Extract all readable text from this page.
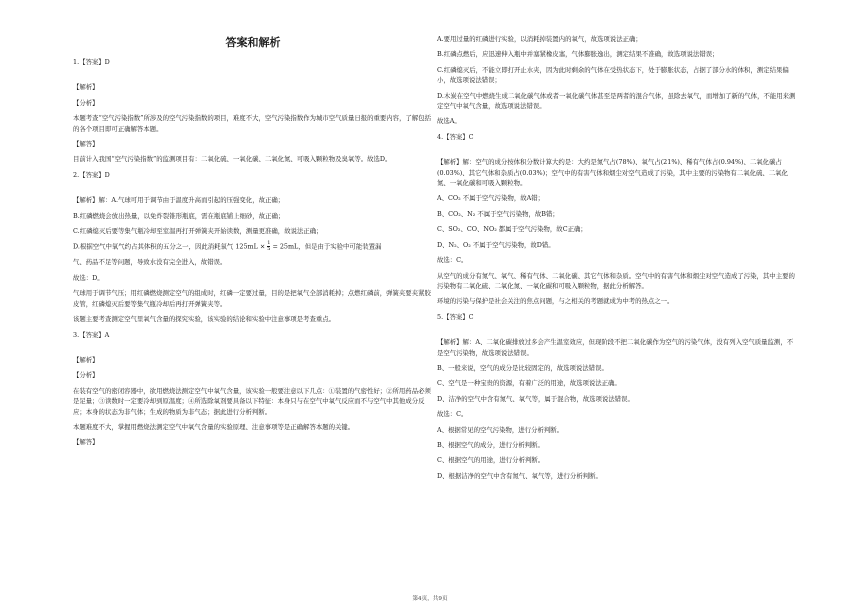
答案和解析
1.【答案】D
【解析】
【分析】
本题考查“空气污染指数”所涉及的空气污染指数的项目，难度不大，空气污染指数作为城市空气质量日报的重要内容，了解包括的各个项目即可正确解答本题。
【解答】
目前计入我国“空气污染指数”的监测项目有：二氧化硫、一氧化碳、二氧化氮、可吸入颗粒物及臭氧等。故选D。
2.【答案】D
【解析】解：A.气球可用于调节由于温度升高而引起的压强变化，故正确；
B.红磷燃烧会放出热量，以免炸裂锥形瓶底，需在瓶底铺上细砂，故正确；
C.红磷熄灭后要等集气瓶冷却至室温再打开弹簧夹开始读数，测量更准确，故说法正确；
D.根据空气中氧气约占其体积的五分之一，因此消耗氧气 $125mL \times \frac{1}{5} = 25mL$，但是由于实验中可能装置漏
气、药品不足等问题，导致水没有完全进入，故错误。
故选：D。
气球用于调节气压；用红磷燃烧测定空气的组成时，红磷一定要过量，目的是把氧气全部消耗掉；点燃红磷前，弹簧夹要夹紧胶皮管，红磷熄灭后要等集气瓶冷却后再打开弹簧夹等。
该题主要考查测定空气里氧气含量的探究实验，该实验的结论和实验中注意事项是考查重点。
3.【答案】A
【解析】
【分析】
在装有空气的密闭容器中，欲用燃烧法测定空气中氧气含量，该实验一般要注意以下几点：①装置的气密性好；②所用药品必须是足量；③读数时一定要冷却到原温度；④所选除氧剂要具备以下特征：本身只与在空气中氧气反应而不与空气中其他成分反应；本身的状态为非气体；生成的物质为非气态；据此进行分析判断。
本题难度不大，掌握用燃烧法测定空气中氧气含量的实验原理、注意事项等是正确解答本题的关键。
【解答】
A.要用过量的红磷进行实验，以消耗掉装置内的氧气，故选项说法正确；
B.红磷点燃后，应迅速伸入瓶中并塞紧橡皮塞，气体膨胀逸出，测定结果不准确，故选项说法错误；
C.红磷熄灭后，不能立即打开止水夹，因为此时剩余的气体在受热状态下，处于膨胀状态，占据了部分水的体积，测定结果偏小，故选项说法错误；
D.木炭在空气中燃烧生成二氧化碳气体或者一氧化碳气体甚至是两者的混合气体，虽除去氧气，而增加了新的气体，不能用来测定空气中氧气含量，故选项说法错误。
故选A。
4.【答案】C
【解析】解：空气的成分按体积分数计算大约是：大约是氮气占(78%)、氧气占(21%)、稀有气体占(0.94%)、二氧化碳占(0.03%)、其它气体和杂质占(0.03%)；空气中的有害气体和烟尘对空气造成了污染，其中主要的污染物有二氧化硫、二氧化氮、一氧化碳和可吸入颗粒物。
A、CO₂ 不属于空气污染物，故A错；
B、CO₂、N₂ 不属于空气污染物，故B错；
C、SO₂、CO、NO₂ 都属于空气污染物，故C正确；
D、N₂、O₂ 不属于空气污染物，故D错。
故选：C。
从空气的成分有氮气、氧气、稀有气体、二氧化碳、其它气体和杂质。空气中的有害气体和烟尘对空气造成了污染，其中主要的污染物有二氧化硫、二氧化氮、一氧化碳和可吸入颗粒物，据此分析解答。
环境的污染与保护是社会关注的焦点问题，与之相关的考题就成为中考的热点之一。
5.【答案】C
【解析】解：A、二氧化碳排放过多会产生温室效应，但现阶段不把二氧化碳作为空气的污染气体，没有列入空气质量监测，不是空气污染物，故选项说法错误。
B、一般来说，空气的成分是比较固定的，故选项说法错误。
C、空气是一种宝贵的资源，有着广泛的用途，故选项说法正确。
D、洁净的空气中含有氮气、氧气等，属于混合物，故选项说法错误。
故选：C。
A、根据常见的空气污染物，进行分析判断。
B、根据空气的成分，进行分析判断。
C、根据空气的用途，进行分析判断。
D、根据洁净的空气中含有氮气、氧气等，进行分析判断。
第4页，共9页
